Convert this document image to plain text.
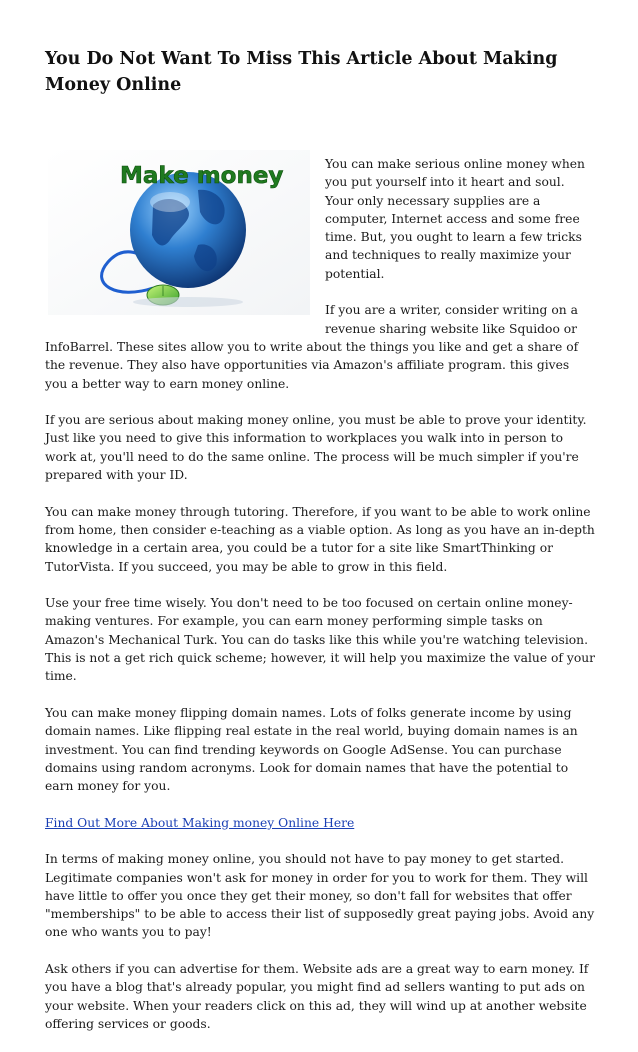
You Do Not Want To Miss This Article About Making Money Online
Make money	You can make serious online money when you put yourself into it heart and soul. Your only necessary supplies are a computer, Internet access and some free time. But, you ought to learn a few tricks and techniques to really maximize your potential.

If you are a writer, consider writing on a revenue sharing website like Squidoo or InfoBarrel. These sites allow you to write about the things you like and get a share of the revenue. They also have opportunities via Amazon's affiliate program. this gives you a better way to earn money online.

If you are serious about making money online, you must be able to prove your identity. Just like you need to give this information to workplaces you walk into in person to work at, you'll need to do the same online. The process will be much simpler if you're prepared with your ID.

You can make money through tutoring. Therefore, if you want to be able to work online from home, then consider e-teaching as a viable option. As long as you have an in-depth knowledge in a certain area, you could be a tutor for a site like SmartThinking or TutorVista. If you succeed, you may be able to grow in this field.

Use your free time wisely. You don't need to be too focused on certain online money-making ventures. For example, you can earn money performing simple tasks on Amazon's Mechanical Turk. You can do tasks like this while you're watching television. This is not a get rich quick scheme; however, it will help you maximize the value of your time.

You can make money flipping domain names. Lots of folks generate income by using domain names. Like flipping real estate in the real world, buying domain names is an investment. You can find trending keywords on Google AdSense. You can purchase domains using random acronyms. Look for domain names that have the potential to earn money for you.

Find Out More About Making money Online Here

In terms of making money online, you should not have to pay money to get started. Legitimate companies won't ask for money in order for you to work for them. They will have little to offer you once they get their money, so don't fall for websites that offer "memberships" to be able to access their list of supposedly great paying jobs. Avoid any one who wants you to pay!

Ask others if you can advertise for them. Website ads are a great way to earn money. If you have a blog that's already popular, you might find ad sellers wanting to put ads on your website. When your readers click on this ad, they will wind up at another website offering services or goods.
